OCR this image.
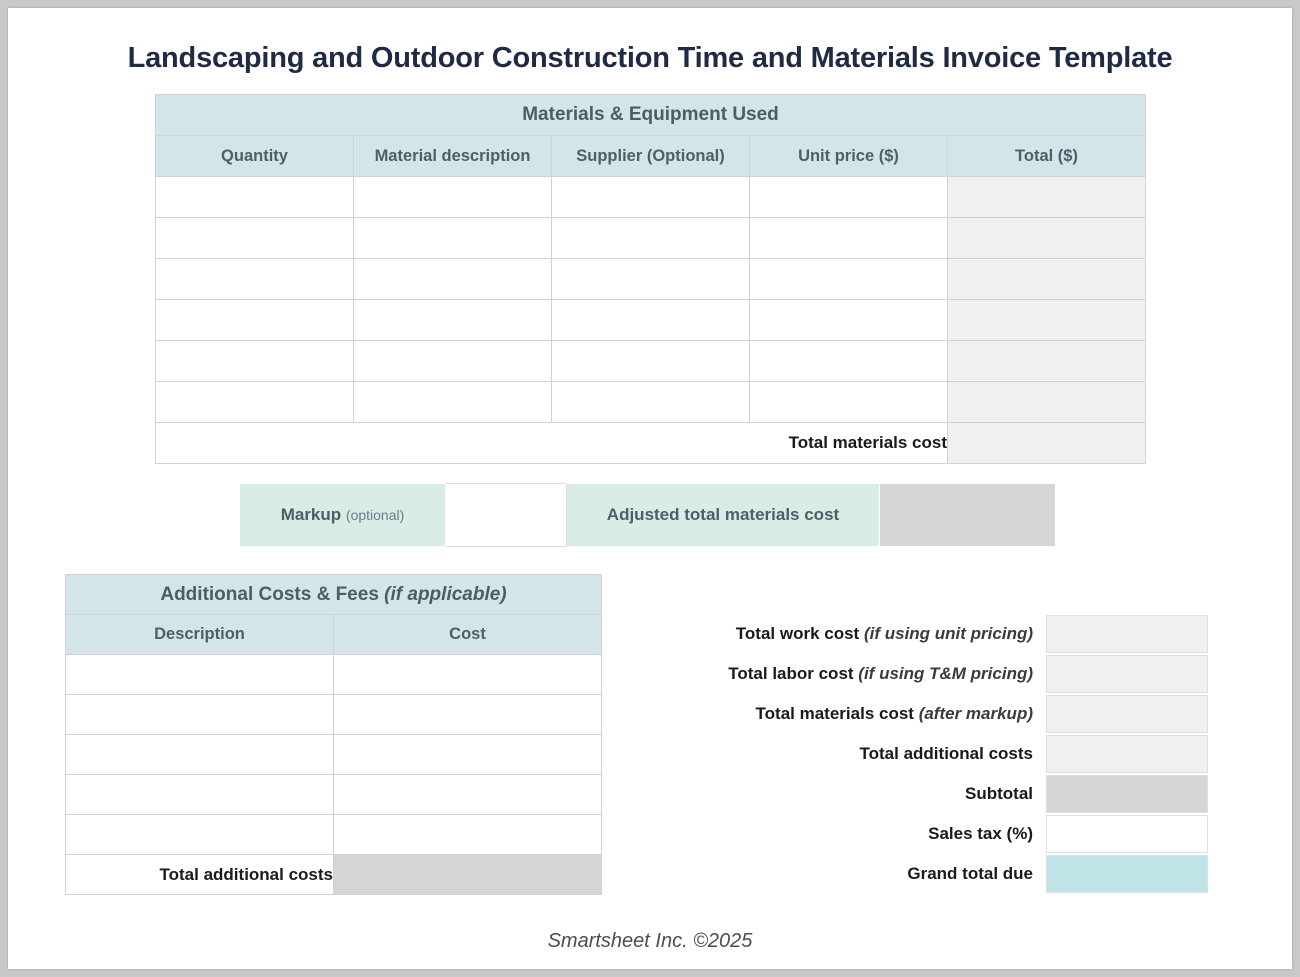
Landscaping and Outdoor Construction Time and Materials Invoice Template
Materials & Equipment Used				
Quantity	Material description	Supplier (Optional)	Unit price ($)	Total ($)

Total materials cost				
Markup (optional)		Adjusted total materials cost	
Additional Costs & Fees (if applicable)	
Description	Cost

Total additional costs	
Total work cost (if using unit pricing)
Total labor cost (if using T&M pricing)
Total materials cost (after markup)
Total additional costs
Subtotal
Sales tax (%)
Grand total due
Smartsheet Inc. ©2025
